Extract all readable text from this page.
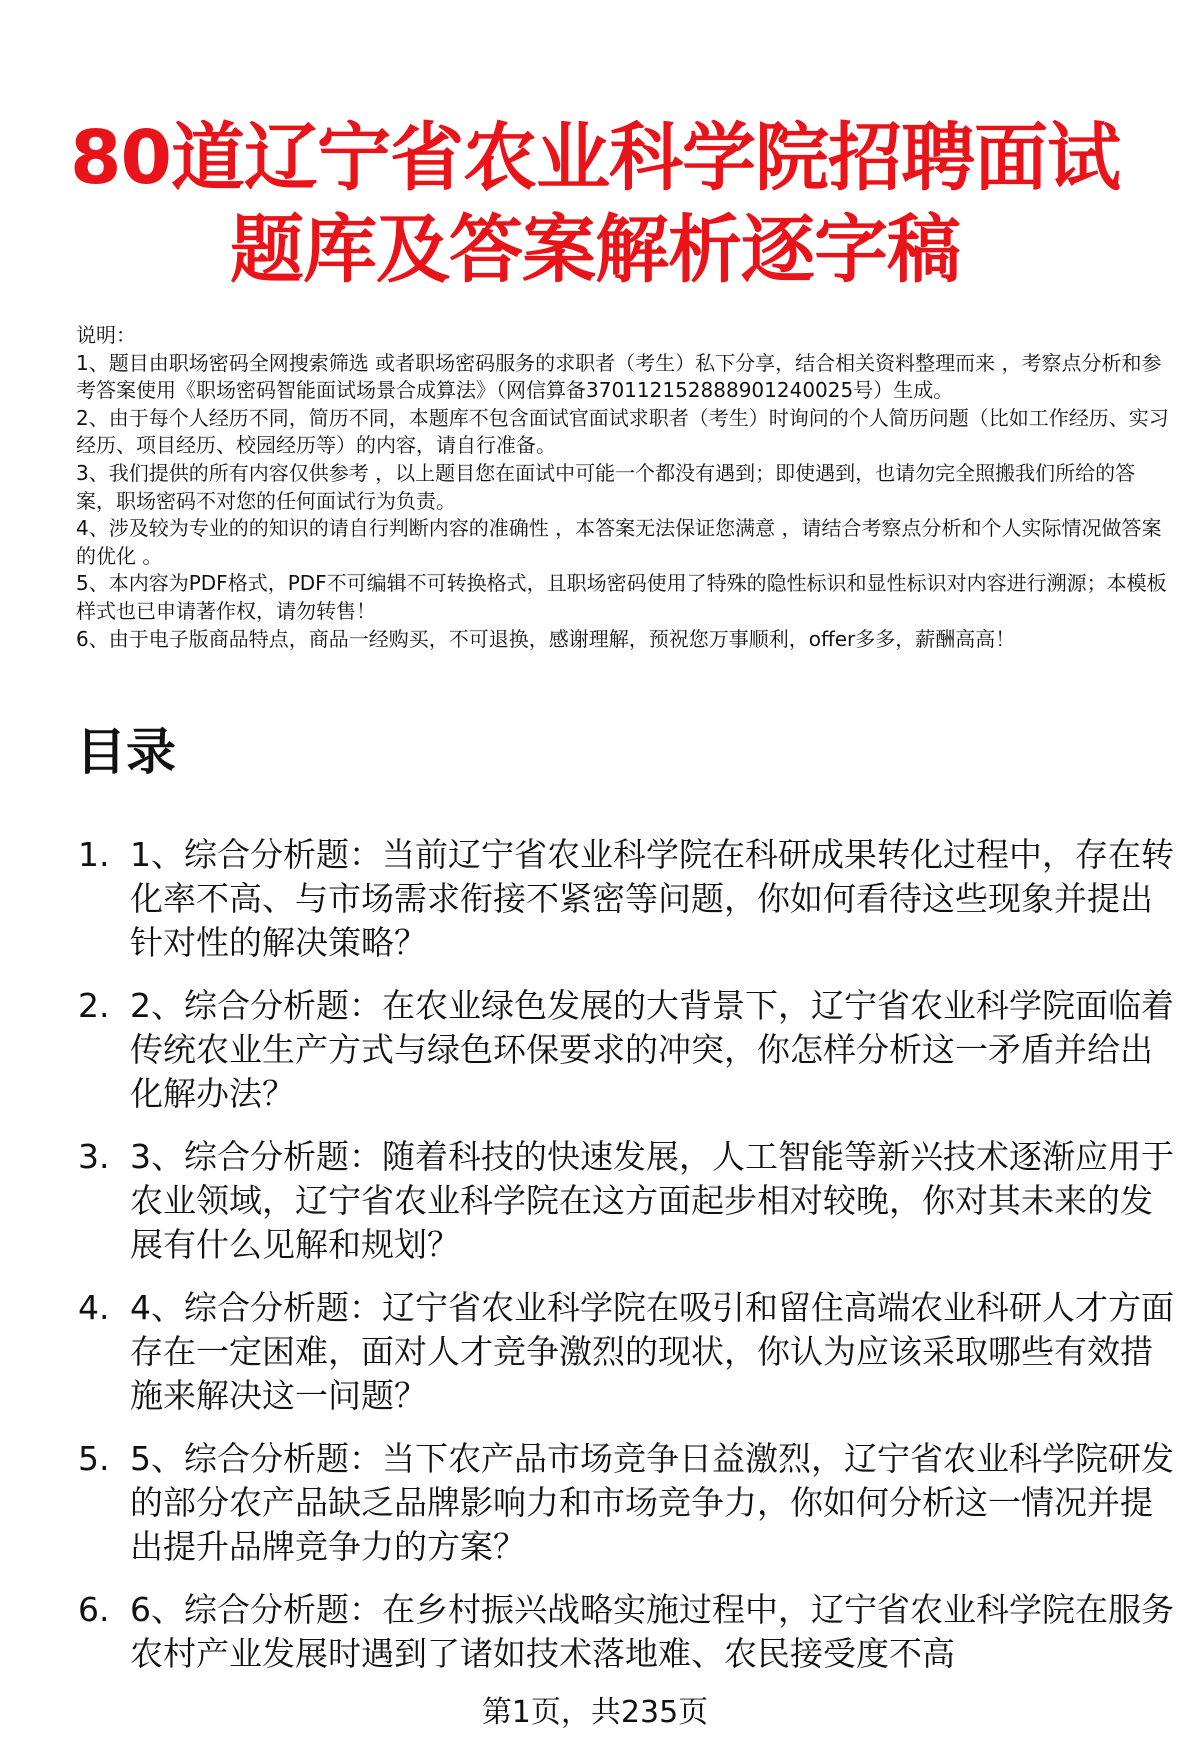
80道辽宁省农业科学院招聘面试题库及答案解析逐字稿

说明：

1、题目由职场密码全网搜索筛选 或者职场密码服务的求职者（考生）私下分享，结合相关资料整理而来 ，考察点分析和参考答案使用《职场密码智能面试场景合成算法》（网信算备370112152888901240025号）生成。

2、由于每个人经历不同，简历不同，本题库不包含面试官面试求职者（考生）时询问的个人简历问题（比如工作经历、实习经历、项目经历、校园经历等）的内容，请自行准备。

3、我们提供的所有内容仅供参考 ，以上题目您在面试中可能一个都没有遇到；即使遇到，也请勿完全照搬我们所给的答案，职场密码不对您的任何面试行为负责。

4、涉及较为专业的的知识的请自行判断内容的准确性 ，本答案无法保证您满意 ，请结合考察点分析和个人实际情况做答案的优化 。

5、本内容为PDF格式，PDF不可编辑不可转换格式，且职场密码使用了特殊的隐性标识和显性标识对内容进行溯源；本模板样式也已申请著作权，请勿转售！

6、由于电子版商品特点，商品一经购买，不可退换，感谢理解，预祝您万事顺利，offer多多，薪酬高高！

目录
1. 1、综合分析题：当前辽宁省农业科学院在科研成果转化过程中，存在转化率不高、与市场需求衔接不紧密等问题，你如何看待这些现象并提出针对性的解决策略？
2. 2、综合分析题：在农业绿色发展的大背景下，辽宁省农业科学院面临着传统农业生产方式与绿色环保要求的冲突，你怎样分析这一矛盾并给出化解办法？
3. 3、综合分析题：随着科技的快速发展，人工智能等新兴技术逐渐应用于农业领域，辽宁省农业科学院在这方面起步相对较晚，你对其未来的发展有什么见解和规划？
4. 4、综合分析题：辽宁省农业科学院在吸引和留住高端农业科研人才方面存在一定困难，面对人才竞争激烈的现状，你认为应该采取哪些有效措施来解决这一问题？
5. 5、综合分析题：当下农产品市场竞争日益激烈，辽宁省农业科学院研发的部分农产品缺乏品牌影响力和市场竞争力，你如何分析这一情况并提出提升品牌竞争力的方案？
6. 6、综合分析题：在乡村振兴战略实施过程中，辽宁省农业科学院在服务农村产业发展时遇到了诸如技术落地难、农民接受度不高
第1页，共235页
